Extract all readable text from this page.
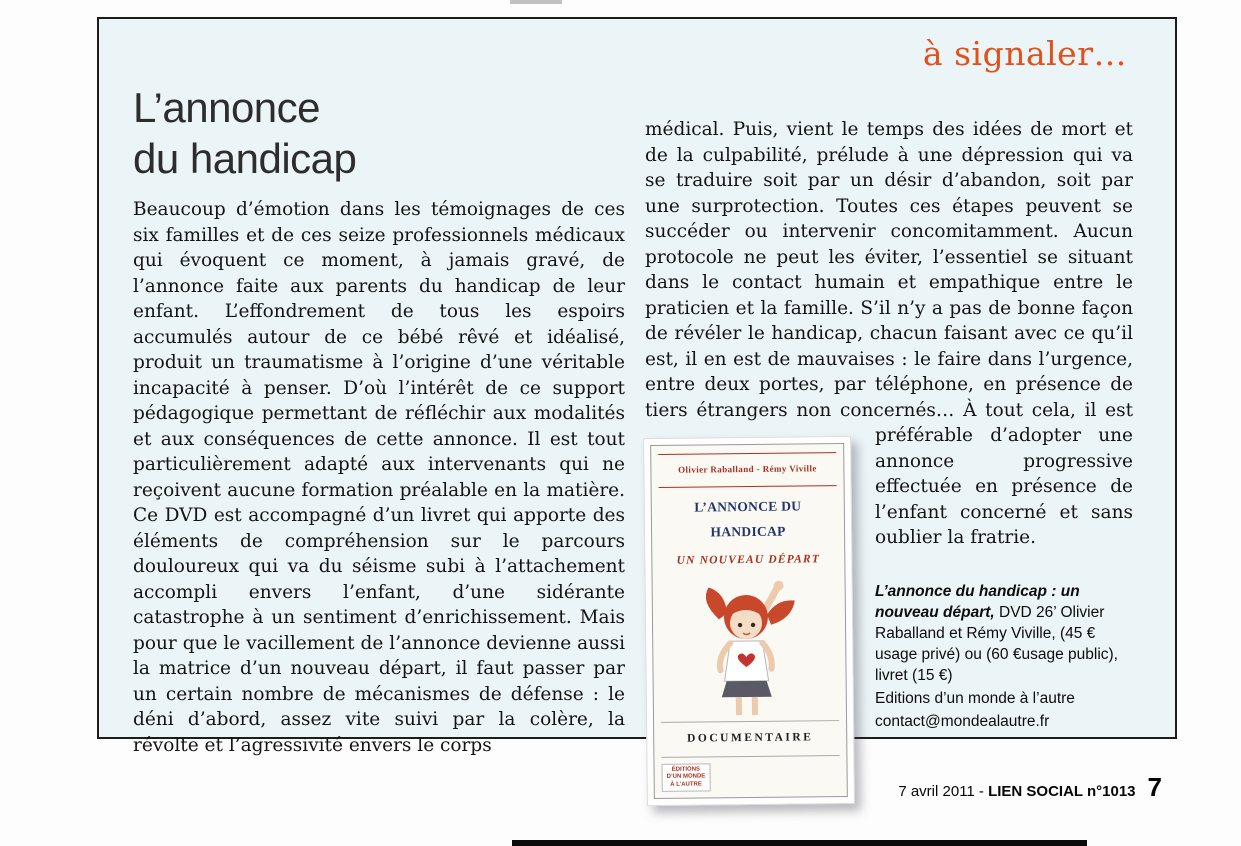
à signaler…
L’annonce
du handicap
Beaucoup d’émotion dans les témoignages de ces six familles et de ces seize professionnels médicaux qui évoquent ce moment, à jamais gravé, de l’annonce faite aux parents du handicap de leur enfant. L’effondrement de tous les espoirs accumulés autour de ce bébé rêvé et idéalisé, produit un traumatisme à l’origine d’une véritable incapacité à penser. D’où l’intérêt de ce support pédagogique permettant de réfléchir aux modalités et aux conséquences de cette annonce. Il est tout particulièrement adapté aux intervenants qui ne reçoivent aucune formation préalable en la matière. Ce DVD est accompagné d’un livret qui apporte des éléments de compréhension sur le parcours douloureux qui va du séisme subi à l’attachement accompli envers l’enfant, d’une sidérante catastrophe à un sentiment d’enrichissement. Mais pour que le vacillement de l’annonce devienne aussi la matrice d’un nouveau départ, il faut passer par un certain nombre de mécanismes de défense : le déni d’abord, assez vite suivi par la colère, la révolte et l’agressivité envers le corps
médical. Puis, vient le temps des idées de mort et de la culpabilité, prélude à une dépression qui va se traduire soit par un désir d’abandon, soit par une surprotection. Toutes ces étapes peuvent se succéder ou intervenir concomitamment. Aucun protocole ne peut les éviter, l’essentiel se situant dans le contact humain et empathique entre le praticien et la famille. S’il n’y a pas de bonne façon de révéler le handicap, chacun faisant avec ce qu’il est, il en est de mauvaises : le faire dans l’urgence, entre deux portes, par téléphone, en présence de tiers étrangers non concernés… À tout
Olivier Raballand - Rémy Viville
L’ANNONCE DU HANDICAP
UN NOUVEAU DÉPART
DOCUMENTAIRE
ÉDITIONS
D’UN MONDE
À L’AUTRE
cela, il est préférable d’adopter une annonce progressive effectuée en présence de l’enfant concerné et sans oublier la fratrie.
L’annonce du handicap : un nouveau départ, DVD 26’ Olivier Raballand et Rémy Viville, (45 € usage privé) ou (60 €usage public), livret (15 €)
Editions d’un monde à l’autre
contact@mondealautre.fr
7 avril 2011 - LIEN SOCIAL n°1013 7
